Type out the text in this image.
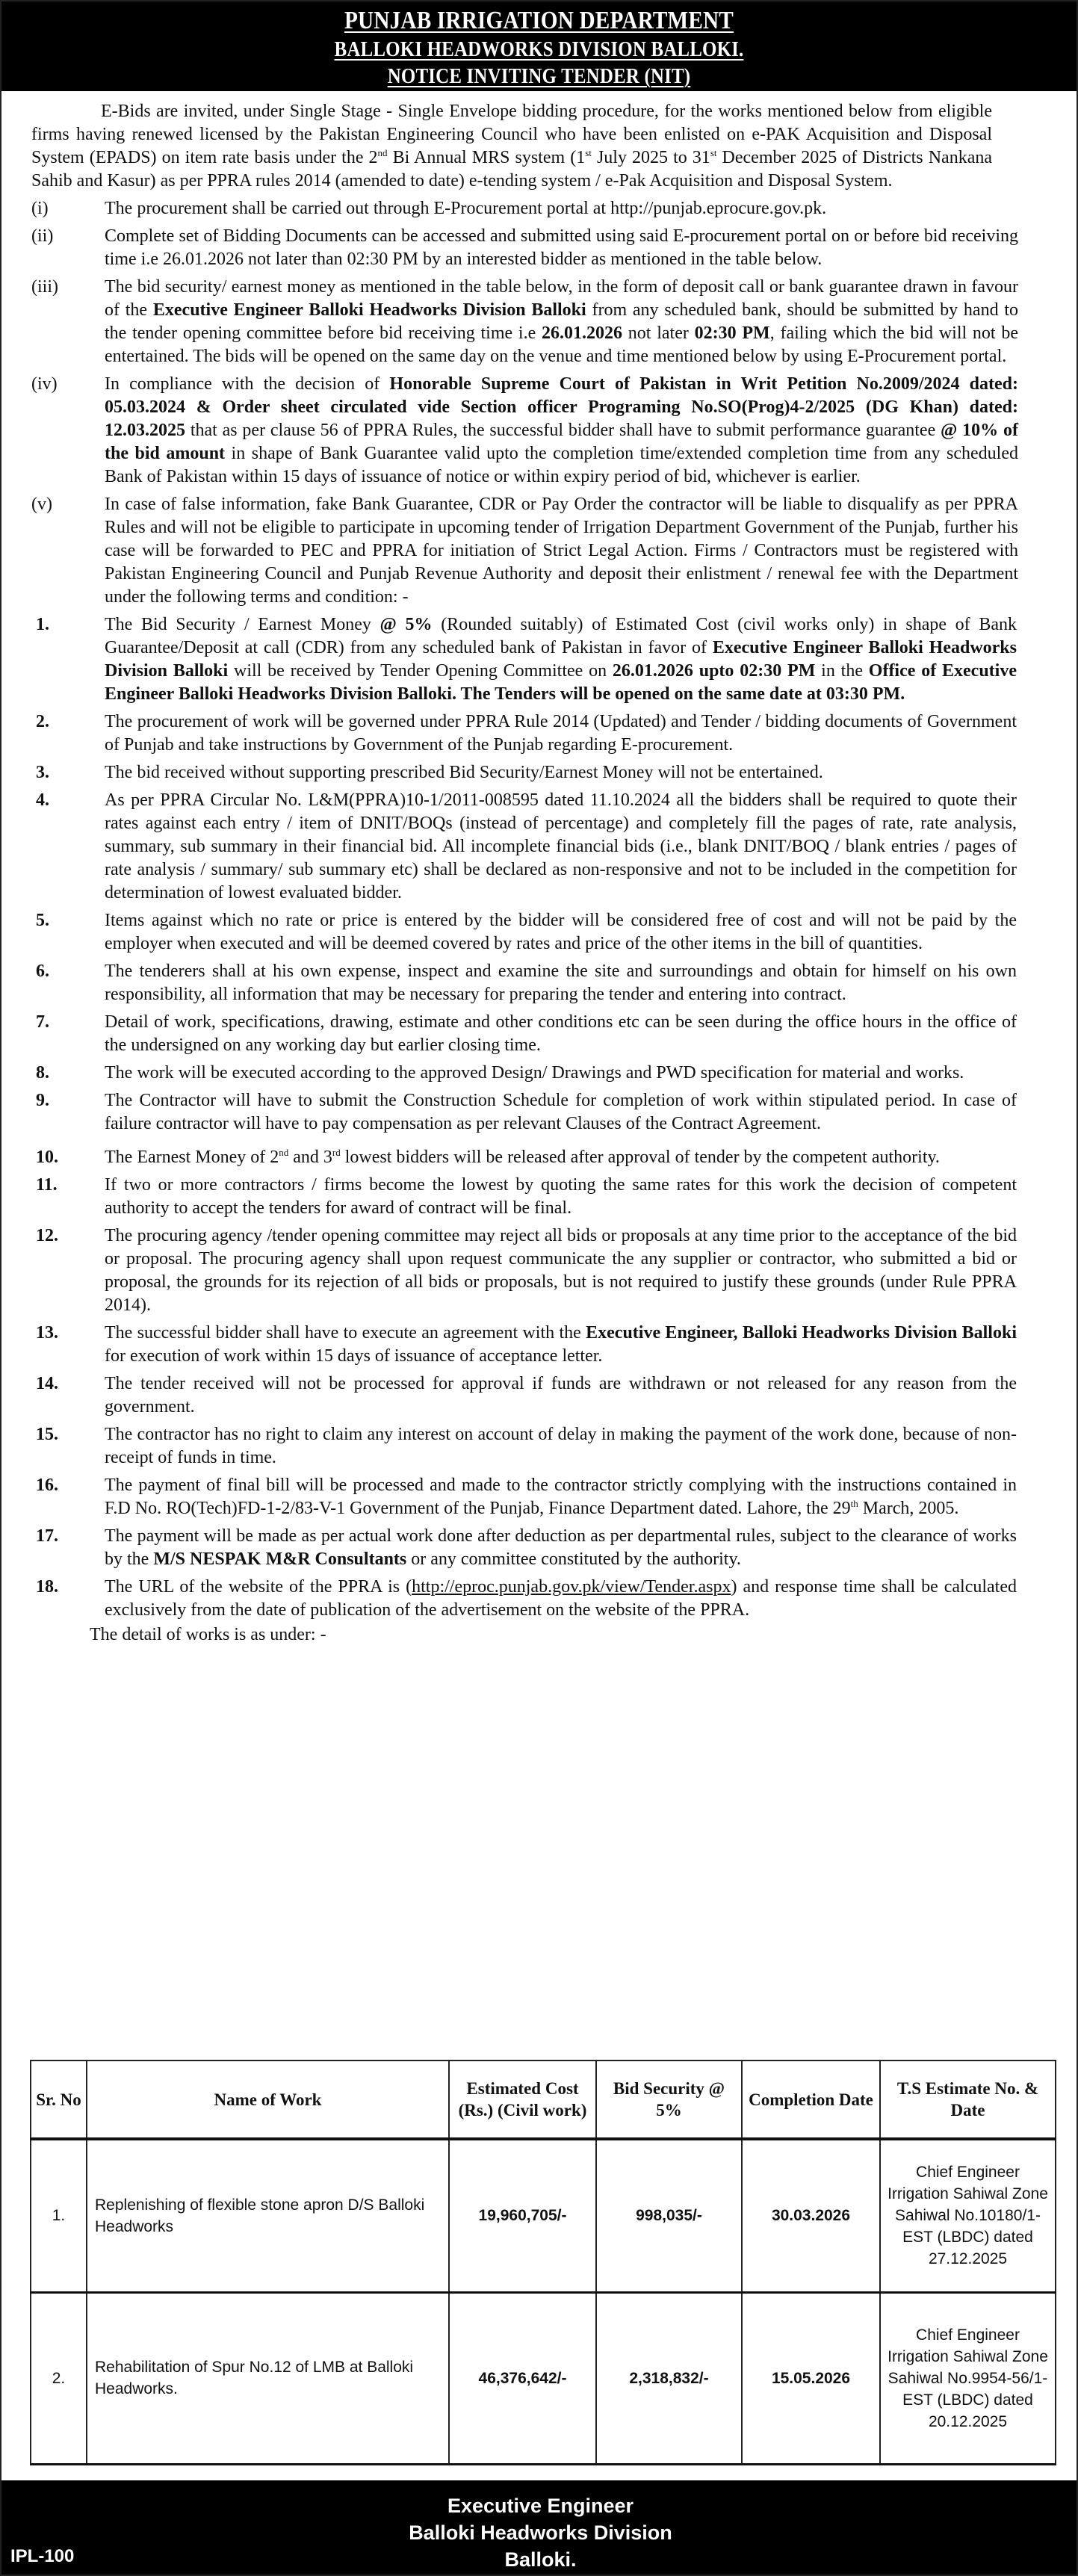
PUNJAB IRRIGATION DEPARTMENT
BALLOKI HEADWORKS DIVISION BALLOKI.
NOTICE INVITING TENDER (NIT)

E-Bids are invited, under Single Stage - Single Envelope bidding procedure, for the works mentioned below from eligible firms having renewed licensed by the Pakistan Engineering Council who have been enlisted on e-PAK Acquisition and Disposal System (EPADS) on item rate basis under the 2nd Bi Annual MRS system (1st July 2025 to 31st December 2025 of Districts Nankana Sahib and Kasur) as per PPRA rules 2014 (amended to date) e-tending system / e-Pak Acquisition and Disposal System.

(i)	The procurement shall be carried out through E-Procurement portal at http://punjab.eprocure.gov.pk.
(ii)	Complete set of Bidding Documents can be accessed and submitted using said E-procurement portal on or before bid receiving time i.e 26.01.2026 not later than 02:30 PM by an interested bidder as mentioned in the table below.
(iii)	The bid security/ earnest money as mentioned in the table below, in the form of deposit call or bank guarantee drawn in favour of the Executive Engineer Balloki Headworks Division Balloki from any scheduled bank, should be submitted by hand to the tender opening committee before bid receiving time i.e 26.01.2026 not later 02:30 PM, failing which the bid will not be entertained. The bids will be opened on the same day on the venue and time mentioned below by using E-Procurement portal.
(iv)	In compliance with the decision of Honorable Supreme Court of Pakistan in Writ Petition No.2009/2024 dated: 05.03.2024 & Order sheet circulated vide Section officer Programing No.SO(Prog)4-2/2025 (DG Khan) dated: 12.03.2025 that as per clause 56 of PPRA Rules, the successful bidder shall have to submit performance guarantee @ 10% of the bid amount in shape of Bank Guarantee valid upto the completion time/extended completion time from any scheduled Bank of Pakistan within 15 days of issuance of notice or within expiry period of bid, whichever is earlier.
(v)	In case of false information, fake Bank Guarantee, CDR or Pay Order the contractor will be liable to disqualify as per PPRA Rules and will not be eligible to participate in upcoming tender of Irrigation Department Government of the Punjab, further his case will be forwarded to PEC and PPRA for initiation of Strict Legal Action. Firms / Contractors must be registered with Pakistan Engineering Council and Punjab Revenue Authority and deposit their enlistment / renewal fee with the Department under the following terms and condition: -
1.	The Bid Security / Earnest Money @ 5% (Rounded suitably) of Estimated Cost (civil works only) in shape of Bank Guarantee/Deposit at call (CDR) from any scheduled bank of Pakistan in favor of Executive Engineer Balloki Headworks Division Balloki will be received by Tender Opening Committee on 26.01.2026 upto 02:30 PM in the Office of Executive Engineer Balloki Headworks Division Balloki. The Tenders will be opened on the same date at 03:30 PM.
2.	The procurement of work will be governed under PPRA Rule 2014 (Updated) and Tender / bidding documents of Government of Punjab and take instructions by Government of the Punjab regarding E-procurement.
3.	The bid received without supporting prescribed Bid Security/Earnest Money will not be entertained.
4.	As per PPRA Circular No. L&M(PPRA)10-1/2011-008595 dated 11.10.2024 all the bidders shall be required to quote their rates against each entry / item of DNIT/BOQs (instead of percentage) and completely fill the pages of rate, rate analysis, summary, sub summary in their financial bid. All incomplete financial bids (i.e., blank DNIT/BOQ / blank entries / pages of rate analysis / summary/ sub summary etc) shall be declared as non-responsive and not to be included in the competition for determination of lowest evaluated bidder.
5.	Items against which no rate or price is entered by the bidder will be considered free of cost and will not be paid by the employer when executed and will be deemed covered by rates and price of the other items in the bill of quantities.
6.	The tenderers shall at his own expense, inspect and examine the site and surroundings and obtain for himself on his own responsibility, all information that may be necessary for preparing the tender and entering into contract.
7.	Detail of work, specifications, drawing, estimate and other conditions etc can be seen during the office hours in the office of the undersigned on any working day but earlier closing time.
8.	The work will be executed according to the approved Design/ Drawings and PWD specification for material and works.
9.	The Contractor will have to submit the Construction Schedule for completion of work within stipulated period. In case of failure contractor will have to pay compensation as per relevant Clauses of the Contract Agreement.
10.	The Earnest Money of 2nd and 3rd lowest bidders will be released after approval of tender by the competent authority.
11.	If two or more contractors / firms become the lowest by quoting the same rates for this work the decision of competent authority to accept the tenders for award of contract will be final.
12.	The procuring agency /tender opening committee may reject all bids or proposals at any time prior to the acceptance of the bid or proposal. The procuring agency shall upon request communicate the any supplier or contractor, who submitted a bid or proposal, the grounds for its rejection of all bids or proposals, but is not required to justify these grounds (under Rule PPRA 2014).
13.	The successful bidder shall have to execute an agreement with the Executive Engineer, Balloki Headworks Division Balloki for execution of work within 15 days of issuance of acceptance letter.
14.	The tender received will not be processed for approval if funds are withdrawn or not released for any reason from the government.
15.	The contractor has no right to claim any interest on account of delay in making the payment of the work done, because of non-receipt of funds in time.
16.	The payment of final bill will be processed and made to the contractor strictly complying with the instructions contained in F.D No. RO(Tech)FD-1-2/83-V-1 Government of the Punjab, Finance Department dated. Lahore, the 29th March, 2005.
17.	The payment will be made as per actual work done after deduction as per departmental rules, subject to the clearance of works by the M/S NESPAK M&R Consultants or any committee constituted by the authority.
18.	The URL of the website of the PPRA is (http://eproc.punjab.gov.pk/view/Tender.aspx) and response time shall be calculated exclusively from the date of publication of the advertisement on the website of the PPRA.

The detail of works is as under: -

Sr. No	Name of Work	Estimated Cost (Rs.) (Civil work)	Bid Security @ 5%	Completion Date	T.S Estimate No. & Date
1.	Replenishing of flexible stone apron D/S Balloki Headworks	19,960,705/-	998,035/-	30.03.2026	Chief Engineer Irrigation Sahiwal Zone Sahiwal No.10180/1-EST (LBDC) dated 27.12.2025
2.	Rehabilitation of Spur No.12 of LMB at Balloki Headworks.	46,376,642/-	2,318,832/-	15.05.2026	Chief Engineer Irrigation Sahiwal Zone Sahiwal No.9954-56/1-EST (LBDC) dated 20.12.2025
Executive Engineer
Balloki Headworks Division
Balloki.
IPL-100
